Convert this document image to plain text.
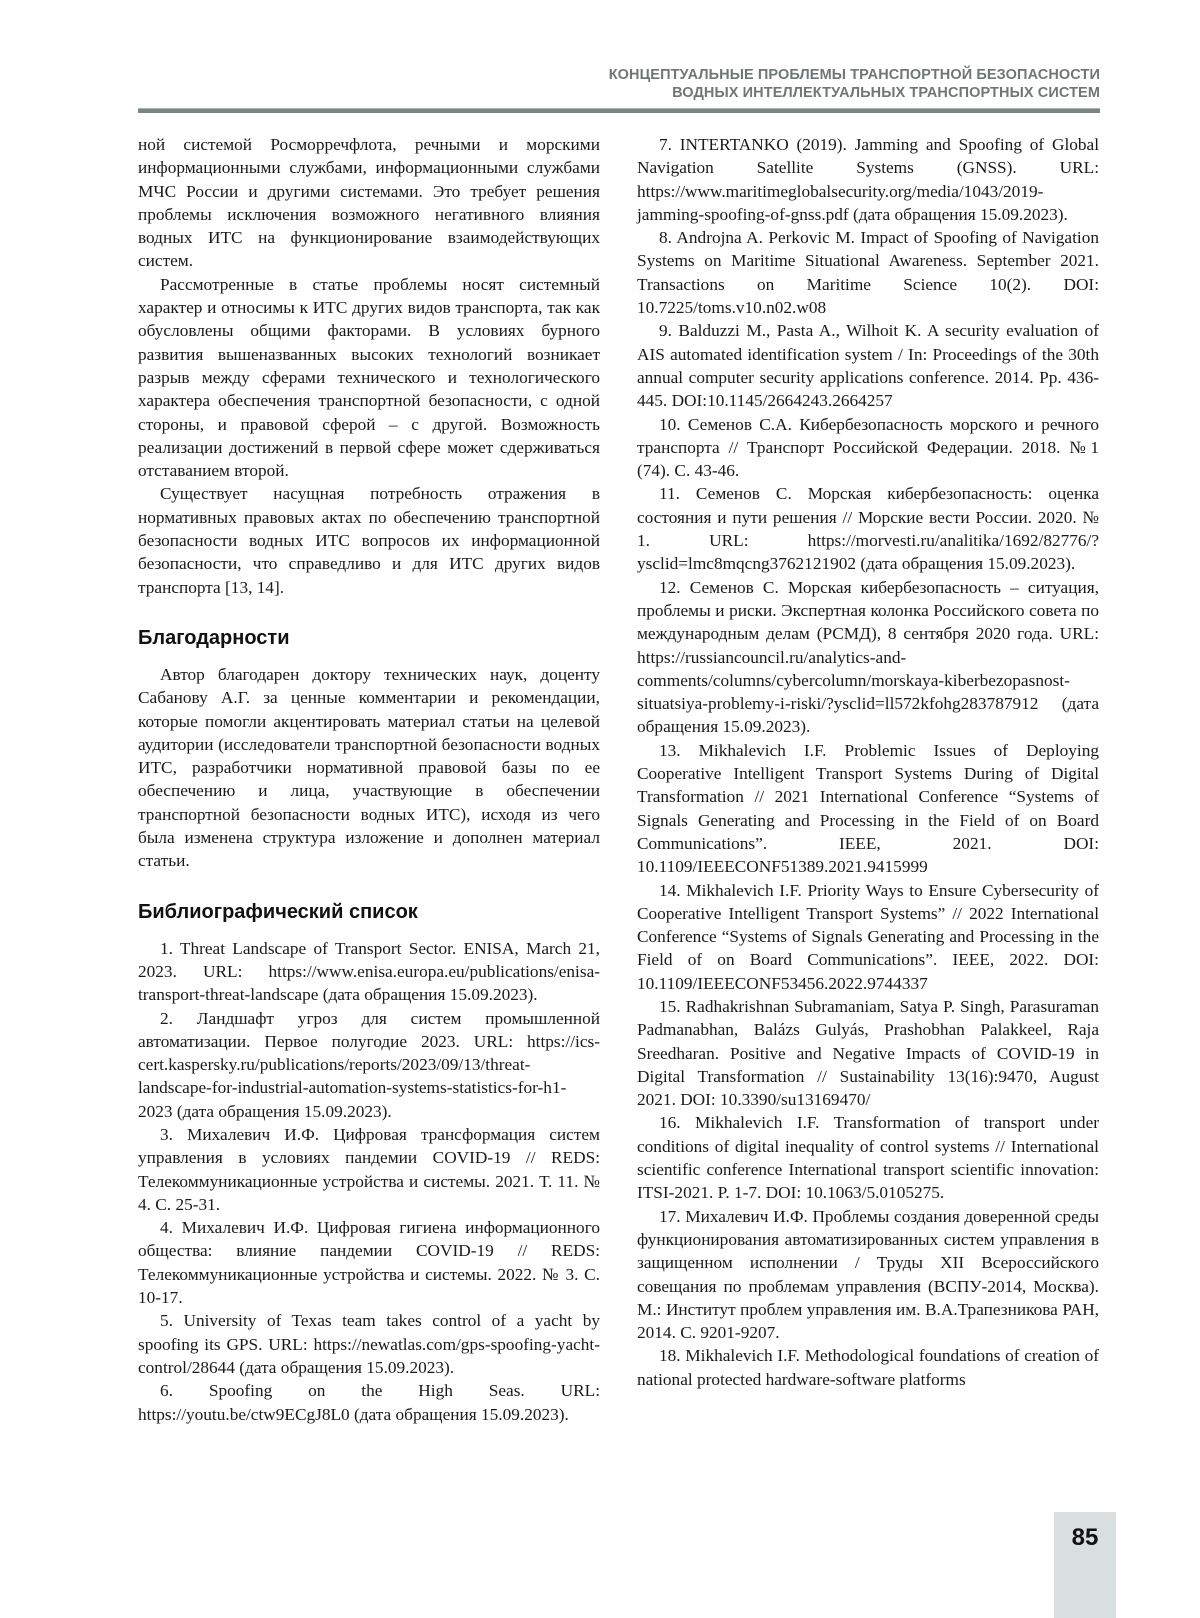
КОНЦЕПТУАЛЬНЫЕ ПРОБЛЕМЫ ТРАНСПОРТНОЙ БЕЗОПАСНОСТИ
ВОДНЫХ ИНТЕЛЛЕКТУАЛЬНЫХ ТРАНСПОРТНЫХ СИСТЕМ

ной системой Росморречфлота, речными и морскими информационными службами, информационными службами МЧС России и другими системами. Это требует решения проблемы исключения возможного негативного влияния водных ИТС на функционирование взаимодействующих систем.

Рассмотренные в статье проблемы носят системный характер и относимы к ИТС других видов транспорта, так как обусловлены общими факторами. В условиях бурного развития вышеназванных высоких технологий возникает разрыв между сферами технического и технологического характера обеспечения транспортной безопасности, с одной стороны, и правовой сферой – с другой. Возможность реализации достижений в первой сфере может сдерживаться отставанием второй.

Существует насущная потребность отражения в нормативных правовых актах по обеспечению транспортной безопасности водных ИТС вопросов их информационной безопасности, что справедливо и для ИТС других видов транспорта [13, 14].

Благодарности

Автор благодарен доктору технических наук, доценту Сабанову А.Г. за ценные комментарии и рекомендации, которые помогли акцентировать материал статьи на целевой аудитории (исследователи транспортной безопасности водных ИТС, разработчики нормативной правовой базы по ее обеспечению и лица, участвующие в обеспечении транспортной безопасности водных ИТС), исходя из чего была изменена структура изложение и дополнен материал статьи.

Библиографический список

1. Threat Landscape of Transport Sector. ENISA, March 21, 2023. URL: https://www.enisa.europa.eu/publications/enisa-transport-threat-landscape (дата обращения 15.09.2023).

2. Ландшафт угроз для систем промышленной автоматизации. Первое полугодие 2023. URL: https://ics-cert.kaspersky.ru/publications/reports/2023/09/13/threat-landscape-for-industrial-automation-systems-statistics-for-h1-2023 (дата обращения 15.09.2023).

3. Михалевич И.Ф. Цифровая трансформация систем управления в условиях пандемии COVID-19 // REDS: Телекоммуникационные устройства и системы. 2021. Т. 11. № 4. С. 25-31.

4. Михалевич И.Ф. Цифровая гигиена информационного общества: влияние пандемии COVID-19 // REDS: Телекоммуникационные устройства и системы. 2022. № 3. С. 10-17.

5. University of Texas team takes control of a yacht by spoofing its GPS. URL: https://newatlas.com/gps-spoofing-yacht-control/28644 (дата обращения 15.09.2023).

6. Spoofing on the High Seas. URL: https://youtu.be/ctw9ECgJ8L0 (дата обращения 15.09.2023).

7. INTERTANKO (2019). Jamming and Spoofing of Global Navigation Satellite Systems (GNSS). URL: https://www.maritimeglobalsecurity.org/media/1043/2019-jamming-spoofing-of-gnss.pdf (дата обращения 15.09.2023).

8. Androjna A. Perkovic M. Impact of Spoofing of Navigation Systems on Maritime Situational Awareness. September 2021. Transactions on Maritime Science 10(2). DOI: 10.7225/toms.v10.n02.w08

9. Balduzzi M., Pasta A., Wilhoit K. A security evaluation of AIS automated identification system / In: Proceedings of the 30th annual computer security applications conference. 2014. Pp. 436-445. DOI:10.1145/2664243.2664257

10. Семенов С.А. Кибербезопасность морского и речного транспорта // Транспорт Российской Федерации. 2018. №1 (74). С. 43-46.

11. Семенов С. Морская кибербезопасность: оценка состояния и пути решения // Морские вести России. 2020. № 1. URL: https://morvesti.ru/analitika/1692/82776/?ysclid=lmc8mqcng3762121902 (дата обращения 15.09.2023).

12. Семенов С. Морская кибербезопасность – ситуация, проблемы и риски. Экспертная колонка Российского совета по международным делам (РСМД), 8 сентября 2020 года. URL: https://russiancouncil.ru/analytics-and-comments/columns/cybercolumn/morskaya-kiberbezopasnost-situatsiya-problemy-i-riski/?ysclid=ll572kfohg283787912 (дата обращения 15.09.2023).

13. Mikhalevich I.F. Problemic Issues of Deploying Cooperative Intelligent Transport Systems During of Digital Transformation // 2021 International Conference “Systems of Signals Generating and Processing in the Field of on Board Communications”. IEEE, 2021. DOI: 10.1109/IEEECONF51389.2021.9415999

14. Mikhalevich I.F. Priority Ways to Ensure Cybersecurity of Cooperative Intelligent Transport Systems” // 2022 International Conference “Systems of Signals Generating and Processing in the Field of on Board Communications”. IEEE, 2022. DOI: 10.1109/IEEECONF53456.2022.9744337

15. Radhakrishnan Subramaniam, Satya P. Singh, Parasuraman Padmanabhan, Balázs Gulyás, Prashobhan Palakkeel, Raja Sreedharan. Positive and Negative Impacts of COVID-19 in Digital Transformation // Sustainability 13(16):9470, August 2021. DOI: 10.3390/su13169470/

16. Mikhalevich I.F. Transformation of transport under conditions of digital inequality of control systems // International scientific conference International transport scientific innovation: ITSI-2021. P. 1-7. DOI: 10.1063/5.0105275.

17. Михалевич И.Ф. Проблемы создания доверенной среды функционирования автоматизированных систем управления в защищенном исполнении / Труды XII Всероссийского совещания по проблемам управления (ВСПУ-2014, Москва). М.: Институт проблем управления им. В.А.Трапезникова РАН, 2014. С. 9201-9207.

18. Mikhalevich I.F. Methodological foundations of creation of national protected hardware-software platforms

85
